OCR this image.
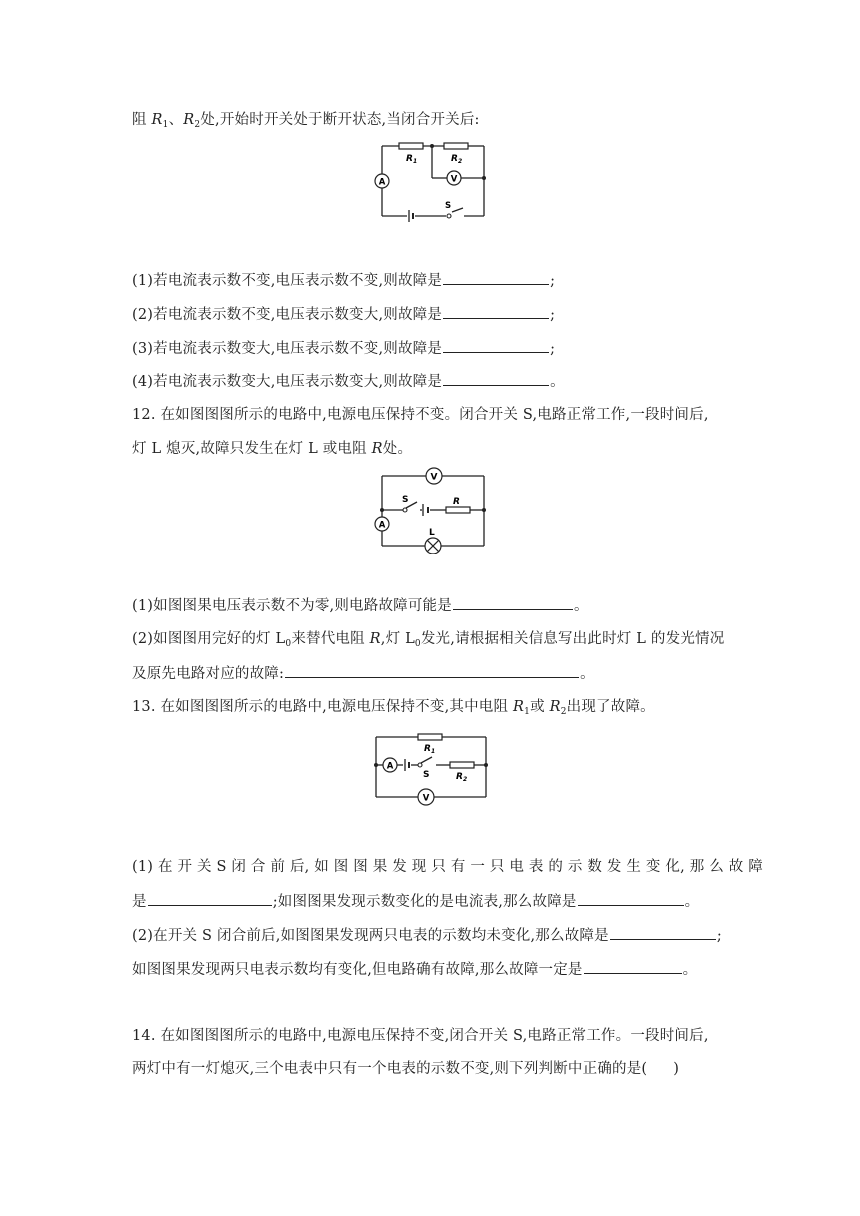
阻 $R_1$、$R_2$处,开始时开关处于断开状态,当闭合开关后:
$R_1$	$R_2$
A	V
S
(1)若电流表示数不变,电压表示数不变,则故障是	;
(2)若电流表示数不变,电压表示数变大,则故障是	;
(3)若电流表示数变大,电压表示数不变,则故障是	;
(4)若电流表示数变大,电压表示数变大,则故障是	。
12. 在如图图图所示的电路中,电源电压保持不变。闭合开关 S,电路正常工作,一段时间后,
灯 L 熄灭,故障只发生在灯 L 或电阻 R处。
V
S	R
A
L
(1)如图图果电压表示数不为零,则电路故障可能是	。
(2)如图图用完好的灯 $L_0$来替代电阻 R,灯 $L_0$发光,请根据相关信息写出此时灯 L 的发光情况
及原先电路对应的故障:	。
13. 在如图图图所示的电路中,电源电压保持不变,其中电阻 $R_1$或 $R_2$出现了故障。
$R_1$
A
S	$R_2$
V
(1) 在 开 关 S 闭 合 前 后, 如 图 图 果 发 现 只 有 一 只 电 表 的 示 数 发 生 变 化, 那 么 故 障
是	;如图图果发现示数变化的是电流表,那么故障是	。
(2)在开关 S 闭合前后,如图图果发现两只电表的示数均未变化,那么故障是	;
如图图果发现两只电表示数均有变化,但电路确有故障,那么故障一定是	。
14. 在如图图图所示的电路中,电源电压保持不变,闭合开关 S,电路正常工作。一段时间后,
两灯中有一灯熄灭,三个电表中只有一个电表的示数不变,则下列判断中正确的是( )
